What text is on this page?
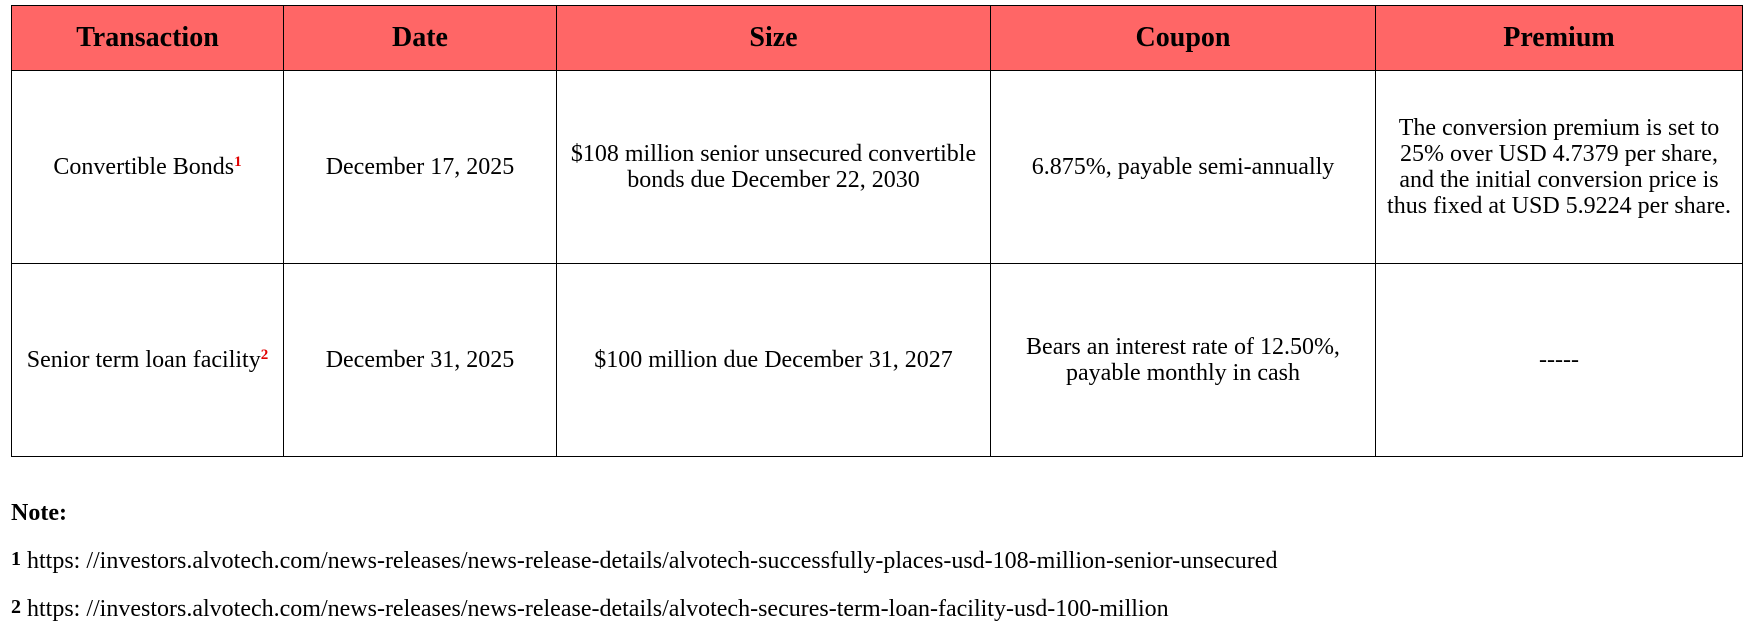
Transaction	Date	Size	Coupon	Premium
Convertible Bonds$^1$	December 17, 2025	$108 million senior unsecured convertible bonds due December 22, 2030	6.875%, payable semi-annually	The conversion premium is set to 25% over USD 4.7379 per share, and the initial conversion price is thus fixed at USD 5.9224 per share.
Senior term loan facility$^2$	December 31, 2025	$100 million due December 31, 2027	Bears an interest rate of 12.50%, payable monthly in cash	-----
Note:
1 https: //investors.alvotech.com/news-releases/news-release-details/alvotech-successfully-places-usd-108-million-senior-unsecured
2 https: //investors.alvotech.com/news-releases/news-release-details/alvotech-secures-term-loan-facility-usd-100-million
